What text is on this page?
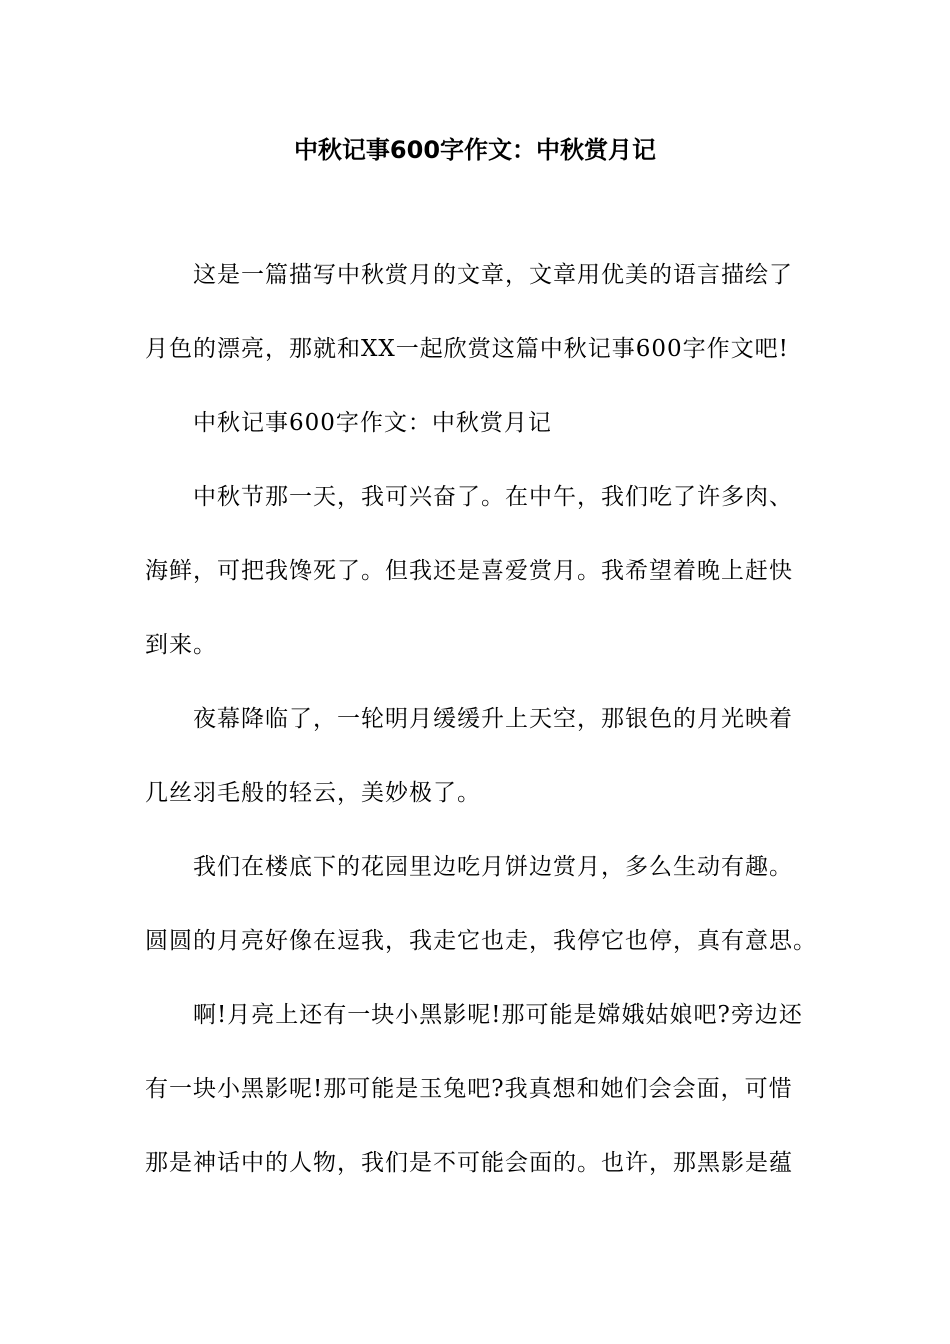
中秋记事600字作文：中秋赏月记
这是一篇描写中秋赏月的文章，文章用优美的语言描绘了
月色的漂亮，那就和XX一起欣赏这篇中秋记事600字作文吧!
中秋记事600字作文：中秋赏月记
中秋节那一天，我可兴奋了。在中午，我们吃了许多肉、
海鲜，可把我馋死了。但我还是喜爱赏月。我希望着晚上赶快
到来。
夜幕降临了，一轮明月缓缓升上天空，那银色的月光映着
几丝羽毛般的轻云，美妙极了。
我们在楼底下的花园里边吃月饼边赏月，多么生动有趣。
圆圆的月亮好像在逗我，我走它也走，我停它也停，真有意思。
啊!月亮上还有一块小黑影呢!那可能是嫦娥姑娘吧?旁边还
有一块小黑影呢!那可能是玉兔吧?我真想和她们会会面，可惜
那是神话中的人物，我们是不可能会面的。也许，那黑影是蕴
